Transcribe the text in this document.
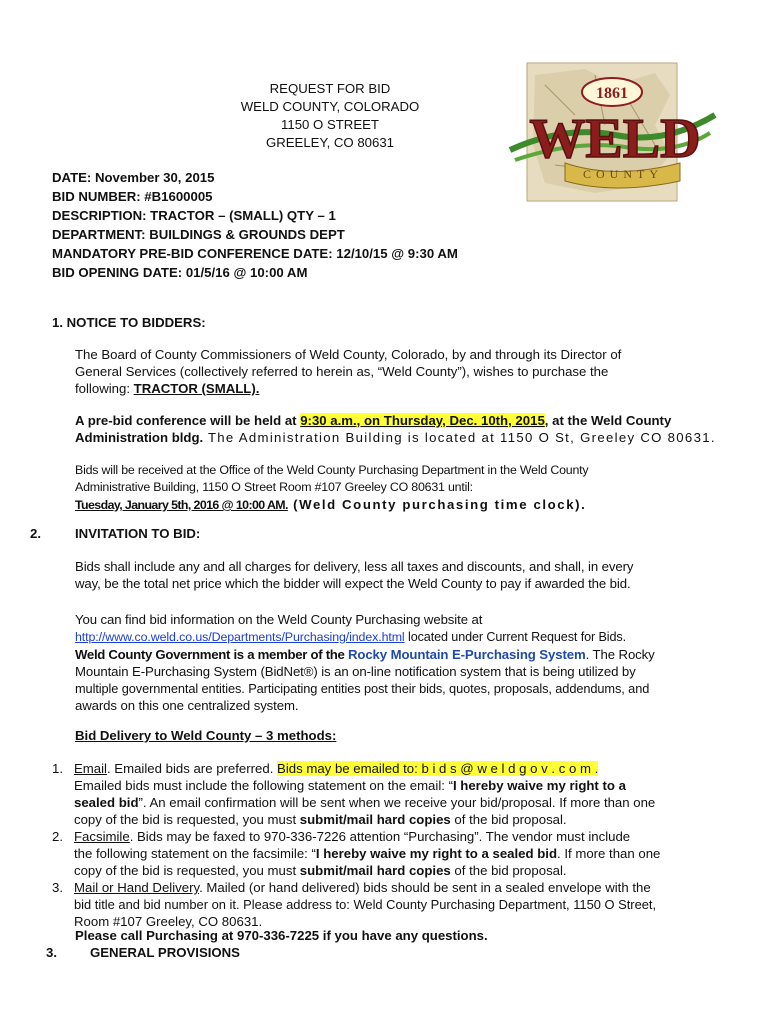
REQUEST FOR BID
WELD COUNTY, COLORADO
1150 O STREET
GREELEY, CO 80631
1861
WELD
COUNTY
DATE: November 30, 2015
BID NUMBER: #B1600005
DESCRIPTION: TRACTOR – (SMALL) QTY – 1
DEPARTMENT: BUILDINGS & GROUNDS DEPT
MANDATORY PRE-BID CONFERENCE DATE: 12/10/15 @ 9:30 AM
BID OPENING DATE: 01/5/16 @ 10:00 AM
1. NOTICE TO BIDDERS:
The Board of County Commissioners of Weld County, Colorado, by and through its Director of
General Services (collectively referred to herein as, “Weld County”), wishes to purchase the
following: TRACTOR (SMALL).
A pre-bid conference will be held at 9:30 a.m., on Thursday, Dec. 10th, 2015, at the Weld County
Administration bldg. The Administration Building is located at 1150 O St, Greeley CO 80631.
Bids will be received at the Office of the Weld County Purchasing Department in the Weld County
Administrative Building, 1150 O Street Room #107 Greeley CO 80631 until:
Tuesday, January 5th, 2016 @ 10:00 AM. (Weld County purchasing time clock).
2.	INVITATION TO BID:
Bids shall include any and all charges for delivery, less all taxes and discounts, and shall, in every
way, be the total net price which the bidder will expect the Weld County to pay if awarded the bid.
You can find bid information on the Weld County Purchasing website at
http://www.co.weld.co.us/Departments/Purchasing/index.html located under Current Request for Bids.
Weld County Government is a member of the Rocky Mountain E-Purchasing System. The Rocky
Mountain E-Purchasing System (BidNet®) is an on-line notification system that is being utilized by
multiple governmental entities. Participating entities post their bids, quotes, proposals, addendums, and
awards on this one centralized system.
Bid Delivery to Weld County – 3 methods:
1. Email. Emailed bids are preferred. Bids may be emailed to: b i d s @ w e l d g o v . c o m .
Emailed bids must include the following statement on the email: “I hereby waive my right to a
sealed bid”. An email confirmation will be sent when we receive your bid/proposal. If more than one
copy of the bid is requested, you must submit/mail hard copies of the bid proposal.
2. Facsimile. Bids may be faxed to 970-336-7226 attention “Purchasing”. The vendor must include
the following statement on the facsimile: “I hereby waive my right to a sealed bid. If more than one
copy of the bid is requested, you must submit/mail hard copies of the bid proposal.
3. Mail or Hand Delivery. Mailed (or hand delivered) bids should be sent in a sealed envelope with the
bid title and bid number on it. Please address to: Weld County Purchasing Department, 1150 O Street,
Room #107 Greeley, CO 80631.
Please call Purchasing at 970-336-7225 if you have any questions.
3.	GENERAL PROVISIONS
